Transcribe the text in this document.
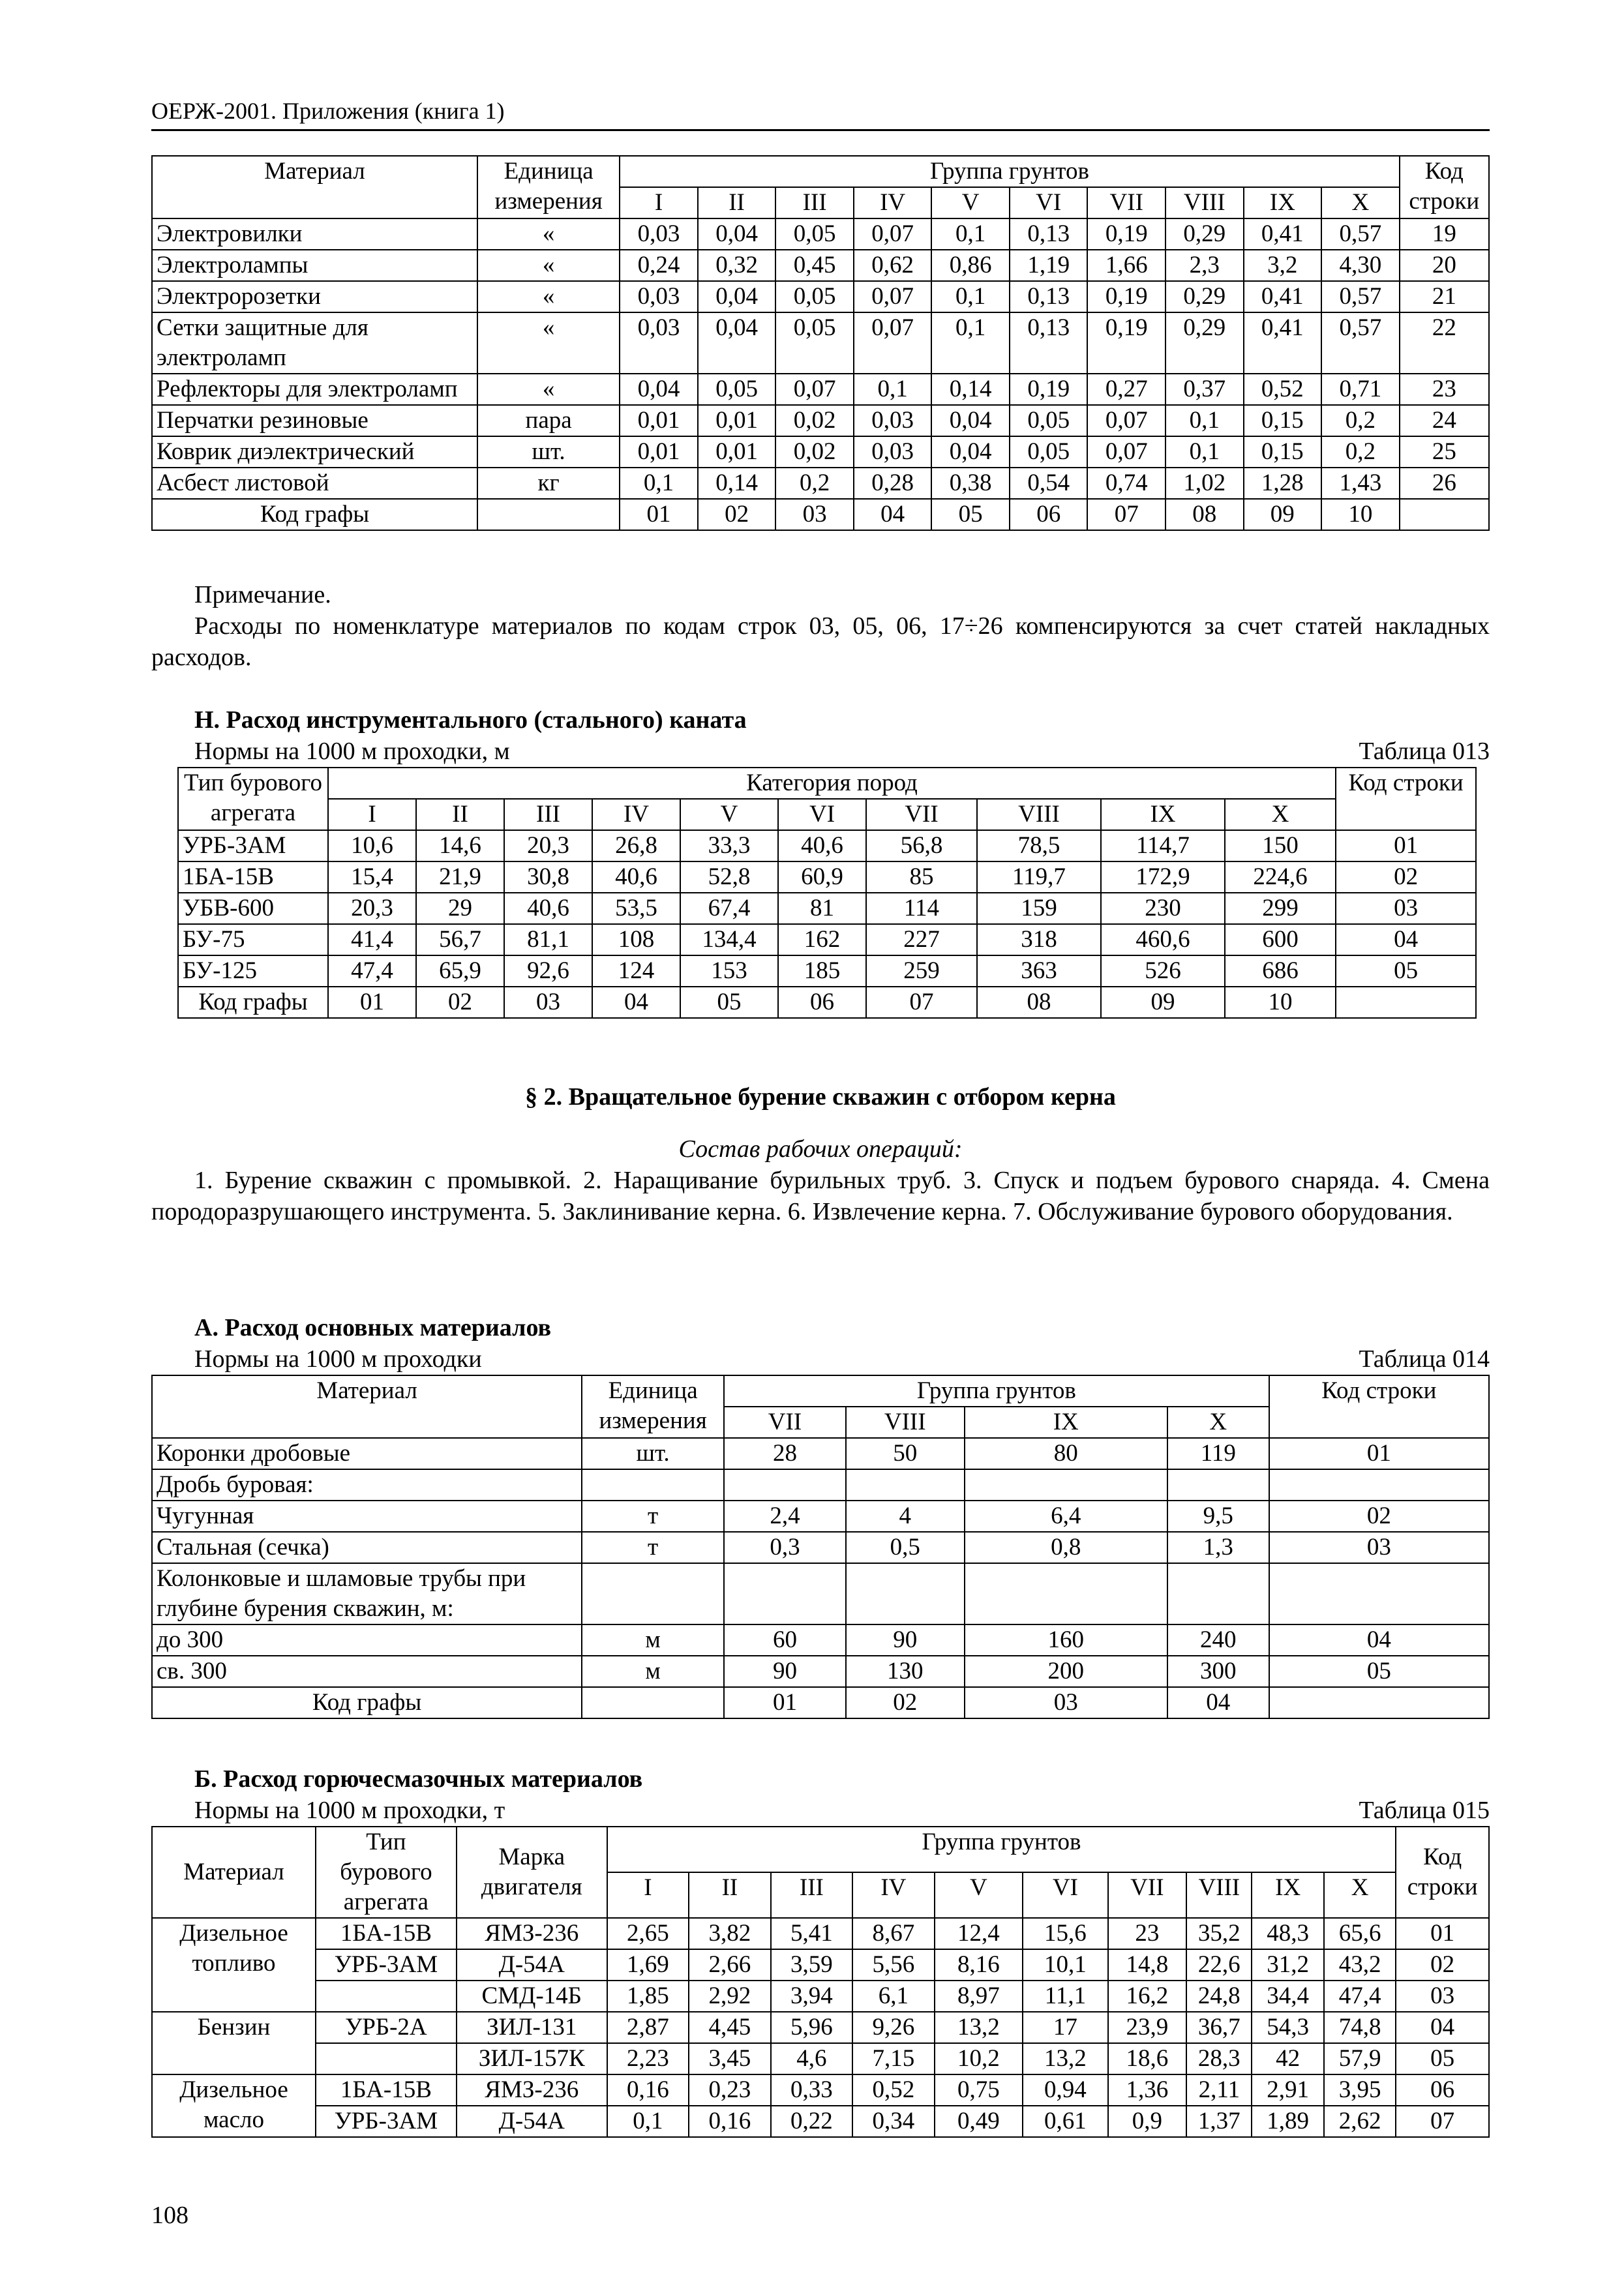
ОЕРЖ-2001. Приложения (книга 1)
Материал	Единица измерения	Группа грунтов										Код строки
		I	II	III	IV	V	VI	VII	VIII	IX	X	
Электровилки	«	0,03	0,04	0,05	0,07	0,1	0,13	0,19	0,29	0,41	0,57	19
Электролампы	«	0,24	0,32	0,45	0,62	0,86	1,19	1,66	2,3	3,2	4,30	20
Электророзетки	«	0,03	0,04	0,05	0,07	0,1	0,13	0,19	0,29	0,41	0,57	21
Сетки защитные для электроламп	«	0,03	0,04	0,05	0,07	0,1	0,13	0,19	0,29	0,41	0,57	22
Рефлекторы для электроламп	«	0,04	0,05	0,07	0,1	0,14	0,19	0,27	0,37	0,52	0,71	23
Перчатки резиновые	пара	0,01	0,01	0,02	0,03	0,04	0,05	0,07	0,1	0,15	0,2	24
Коврик диэлектрический	шт.	0,01	0,01	0,02	0,03	0,04	0,05	0,07	0,1	0,15	0,2	25
Асбест листовой	кг	0,1	0,14	0,2	0,28	0,38	0,54	0,74	1,02	1,28	1,43	26
Код графы		01	02	03	04	05	06	07	08	09	10	
Примечание.
Расходы по номенклатуре материалов по кодам строк 03, 05, 06, 17÷26 компенсируются за счет статей накладных расходов.
Н. Расход инструментального (стального) каната
Нормы на 1000 м проходки, м	Таблица 013
Тип бурового агрегата	Категория пород										Код строки
	I	II	III	IV	V	VI	VII	VIII	IX	X	
УРБ-3АМ	10,6	14,6	20,3	26,8	33,3	40,6	56,8	78,5	114,7	150	01
1БА-15В	15,4	21,9	30,8	40,6	52,8	60,9	85	119,7	172,9	224,6	02
УБВ-600	20,3	29	40,6	53,5	67,4	81	114	159	230	299	03
БУ-75	41,4	56,7	81,1	108	134,4	162	227	318	460,6	600	04
БУ-125	47,4	65,9	92,6	124	153	185	259	363	526	686	05
Код графы	01	02	03	04	05	06	07	08	09	10	
§ 2. Вращательное бурение скважин с отбором керна
Состав рабочих операций:
1. Бурение скважин с промывкой. 2. Наращивание бурильных труб. 3. Спуск и подъем бурового снаряда. 4. Смена породоразрушающего инструмента. 5. Заклинивание керна. 6. Извлечение керна. 7. Обслуживание бурового оборудования.
А. Расход основных материалов
Нормы на 1000 м проходки	Таблица 014
Материал	Единица измерения	Группа грунтов				Код строки
		VII	VIII	IX	X	
Коронки дробовые	шт.	28	50	80	119	01
Дробь буровая:						
Чугунная	т	2,4	4	6,4	9,5	02
Стальная (сечка)	т	0,3	0,5	0,8	1,3	03
Колонковые и шламовые трубы при глубине бурения скважин, м:						
до 300	м	60	90	160	240	04
св. 300	м	90	130	200	300	05
Код графы		01	02	03	04	
Б. Расход горючесмазочных материалов
Нормы на 1000 м проходки, т	Таблица 015
Материал	Тип бурового агрегата	Марка двигателя	Группа грунтов										Код строки
			I	II	III	IV	V	VI	VII	VIII	IX	X	
Дизельное топливо	1БА-15В	ЯМЗ-236	2,65	3,82	5,41	8,67	12,4	15,6	23	35,2	48,3	65,6	01
	УРБ-3АМ	Д-54А	1,69	2,66	3,59	5,56	8,16	10,1	14,8	22,6	31,2	43,2	02
		СМД-14Б	1,85	2,92	3,94	6,1	8,97	11,1	16,2	24,8	34,4	47,4	03
Бензин	УРБ-2А	ЗИЛ-131	2,87	4,45	5,96	9,26	13,2	17	23,9	36,7	54,3	74,8	04
		ЗИЛ-157К	2,23	3,45	4,6	7,15	10,2	13,2	18,6	28,3	42	57,9	05
Дизельное масло	1БА-15В	ЯМЗ-236	0,16	0,23	0,33	0,52	0,75	0,94	1,36	2,11	2,91	3,95	06
	УРБ-3АМ	Д-54А	0,1	0,16	0,22	0,34	0,49	0,61	0,9	1,37	1,89	2,62	07
108
